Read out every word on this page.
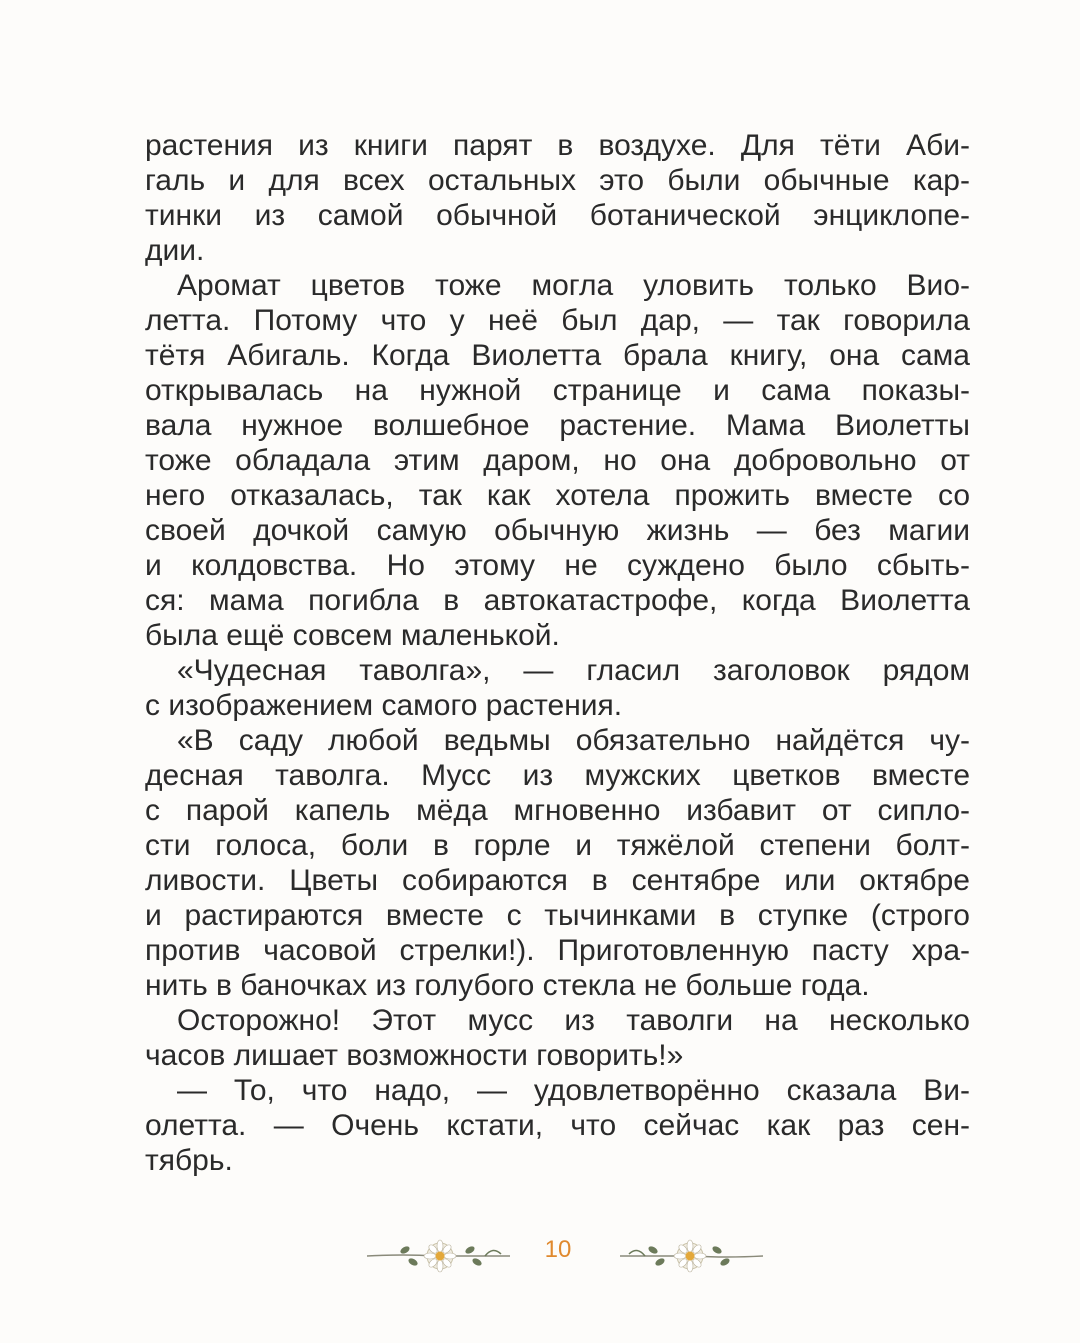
растения из книги парят в воздухе. Для тёти Аби-
галь и для всех остальных это были обычные кар-
тинки из самой обычной ботанической энциклопе-
дии.
Аромат цветов тоже могла уловить только Вио-
летта. Потому что у неё был дар, — так говорила
тётя Абигаль. Когда Виолетта брала книгу, она сама
открывалась на нужной странице и сама показы-
вала нужное волшебное растение. Мама Виолетты
тоже обладала этим даром, но она добровольно от
него отказалась, так как хотела прожить вместе со
своей дочкой самую обычную жизнь — без магии
и колдовства. Но этому не суждено было сбыть-
ся: мама погибла в автокатастрофе, когда Виолетта
была ещё совсем маленькой.
«Чудесная таволга», — гласил заголовок рядом
с изображением самого растения.
«В саду любой ведьмы обязательно найдётся чу-
десная таволга. Мусс из мужских цветков вместе
с парой капель мёда мгновенно избавит от сипло-
сти голоса, боли в горле и тяжёлой степени болт-
ливости. Цветы собираются в сентябре или октябре
и растираются вместе с тычинками в ступке (строго
против часовой стрелки!). Приготовленную пасту хра-
нить в баночках из голубого стекла не больше года.
Осторожно! Этот мусс из таволги на несколько
часов лишает возможности говорить!»
— То, что надо, — удовлетворённо сказала Ви-
олетта. — Очень кстати, что сейчас как раз сен-
тябрь.
10
